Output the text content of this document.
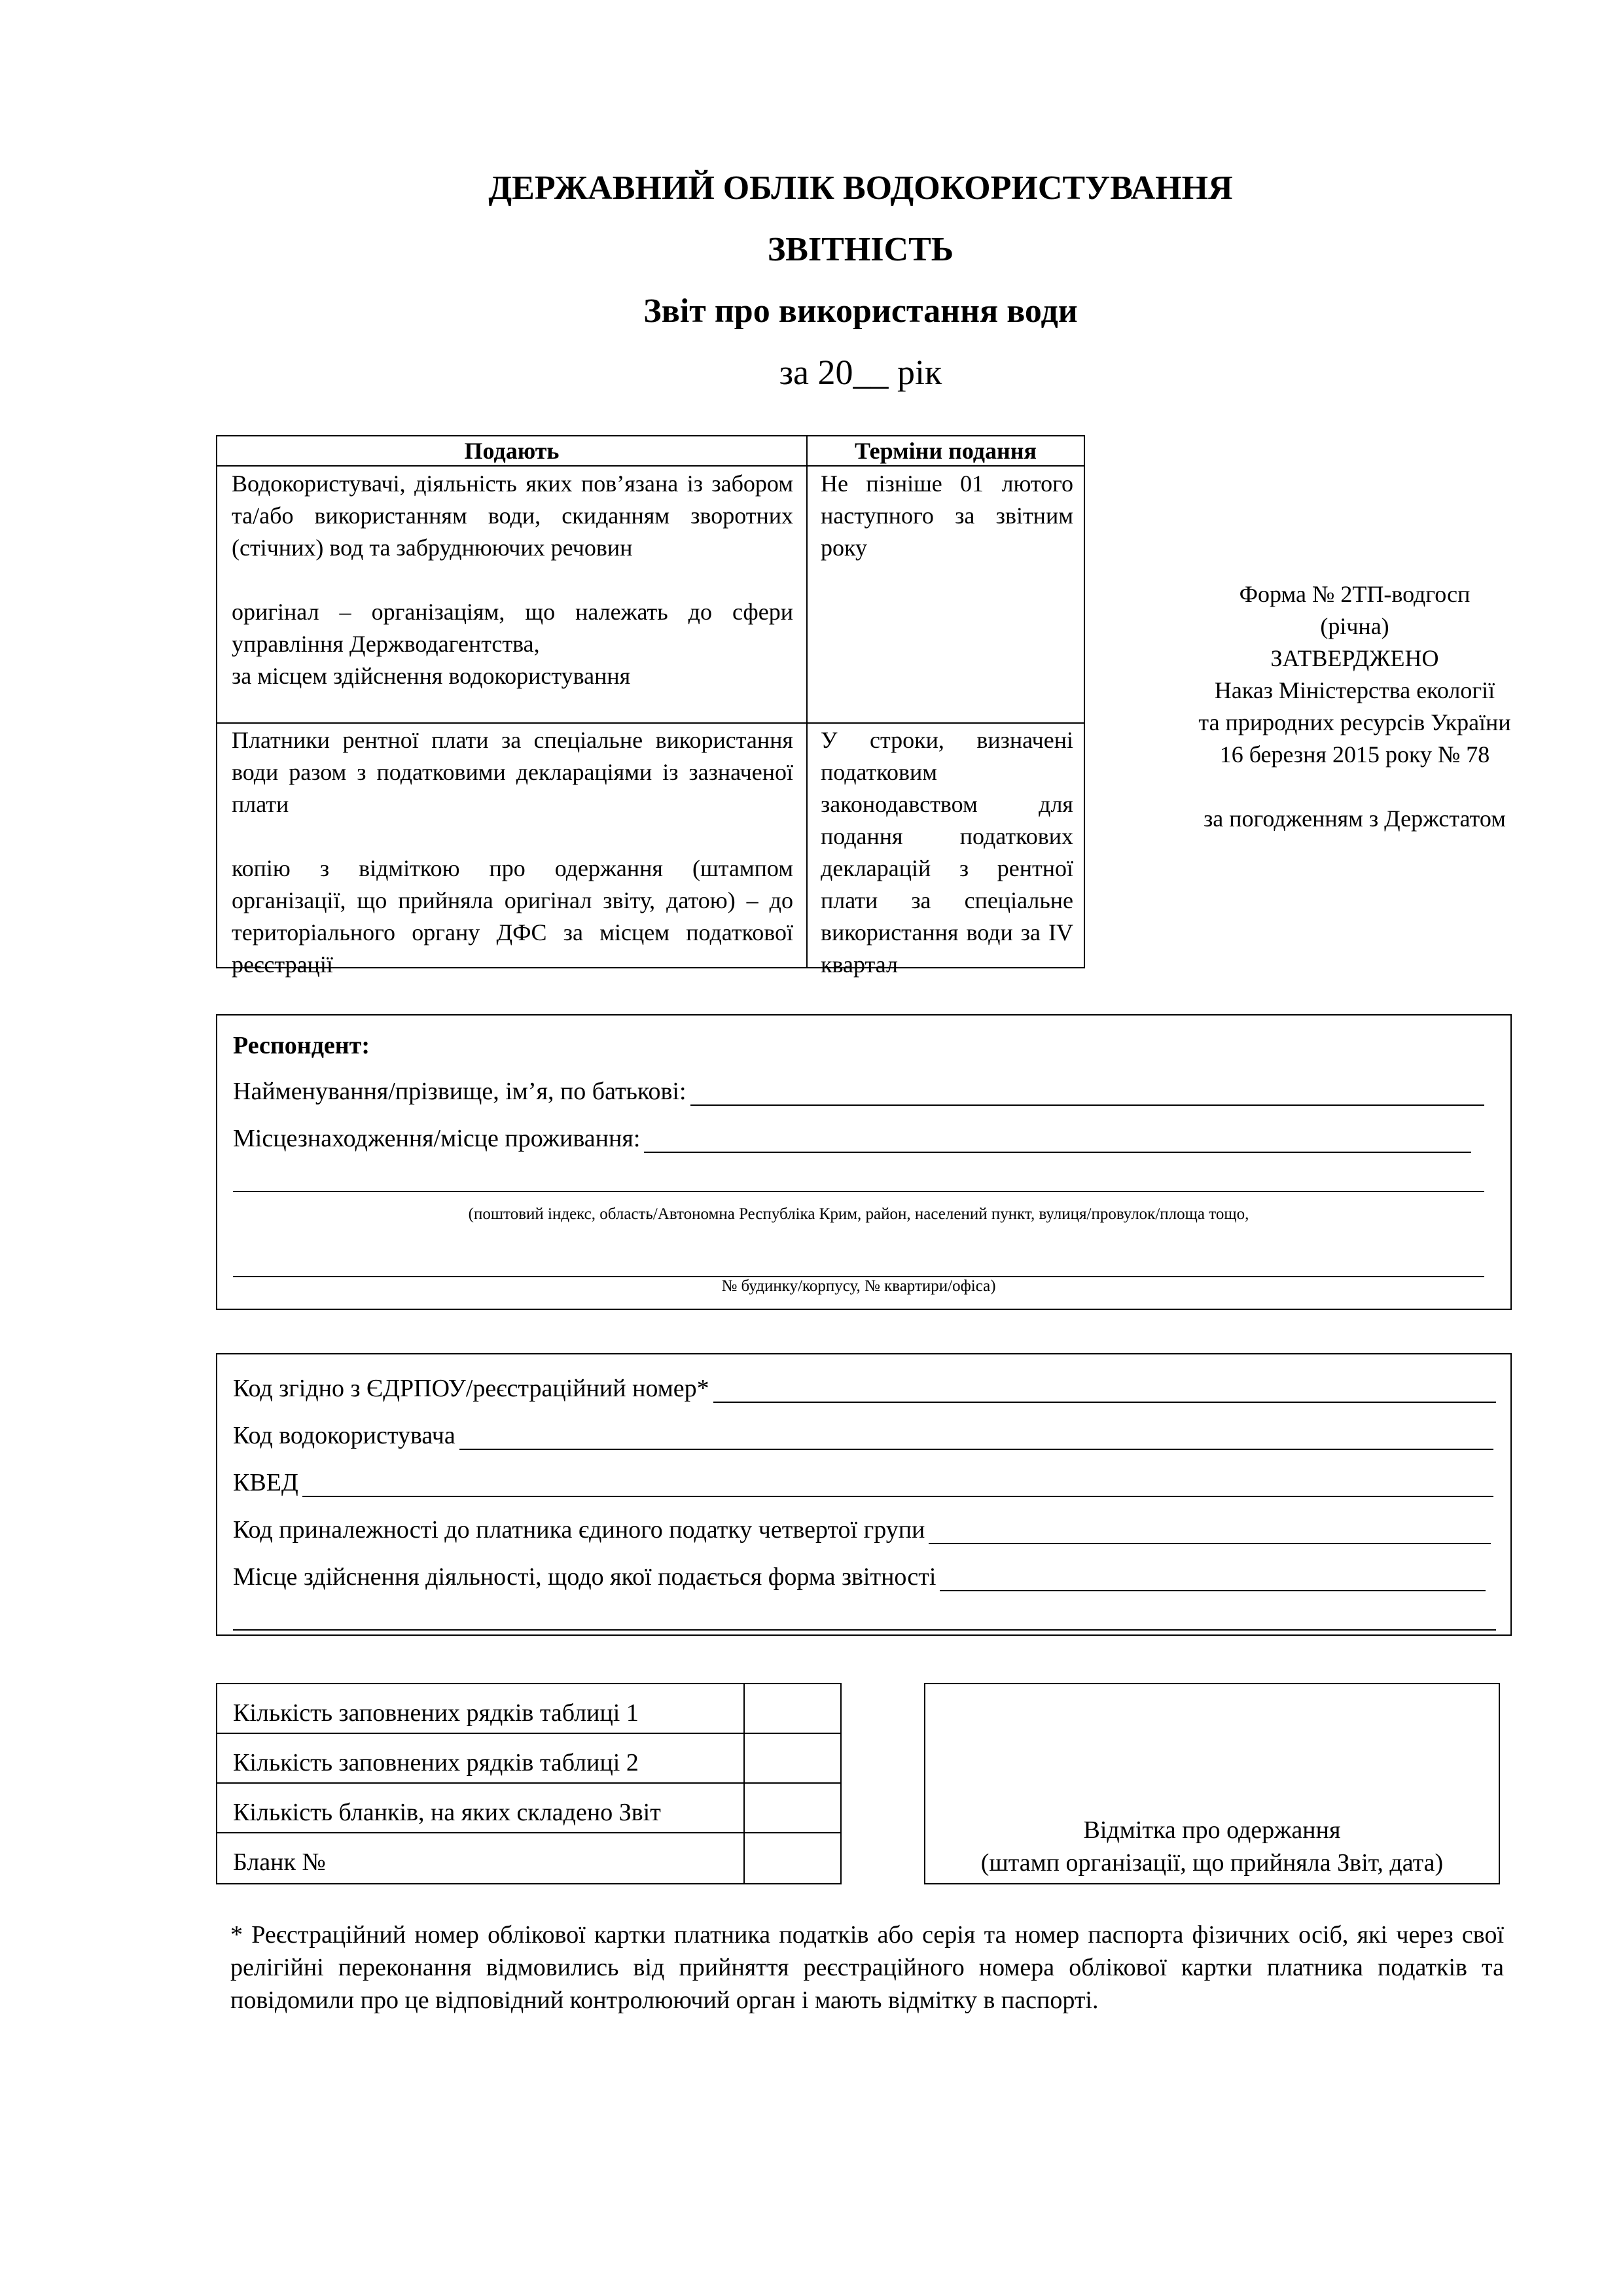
ДЕРЖАВНИЙ ОБЛІК ВОДОКОРИСТУВАННЯ
ЗВІТНІСТЬ
Звіт про використання води
за 20__ рік
Подають	Терміни подання
Водокористувачі, діяльність яких пов’язана із забором та/або використанням води, скиданням зворотних (стічних) вод та забруднюючих речовин
оригінал – організаціям, що належать до сфери управління Держводагентства,
за місцем здійснення водокористування
Не пізніше 01 лютого наступного за звітним року
Платники рентної плати за спеціальне використання води разом з податковими деклараціями із зазначеної плати
копію з відміткою про одержання (штампом організації, що прийняла оригінал звіту, датою) – до територіального органу ДФС за місцем податкової реєстрації
У строки, визначені податковим законодавством для подання податкових декларацій з рентної плати за спеціальне використання води за IV квартал
Форма № 2ТП-водгосп
(річна)
ЗАТВЕРДЖЕНО
Наказ Міністерства екології
та природних ресурсів України
16 березня 2015 року № 78
за погодженням з Держстатом
Респондент:
Найменування/прізвище, ім’я, по батькові:
Місцезнаходження/місце проживання:
(поштовий індекс, область/Автономна Республіка Крим, район, населений пункт, вулиця/провулок/площа тощо,
№ будинку/корпусу, № квартири/офіса)
Код згідно з ЄДРПОУ/реєстраційний номер*
Код водокористувача
КВЕД
Код приналежності до платника єдиного податку четвертої групи
Місце здійснення діяльності, щодо якої подається форма звітності
Кількість заповнених рядків таблиці 1
Кількість заповнених рядків таблиці 2
Кількість бланків, на яких складено Звіт
Бланк №
Відмітка про одержання
(штамп організації, що прийняла Звіт, дата)
* Реєстраційний номер облікової картки платника податків або серія та номер паспорта фізичних осіб, які через свої релігійні переконання відмовились від прийняття реєстраційного номера облікової картки платника податків та повідомили про це відповідний контролюючий орган і мають відмітку в паспорті.
